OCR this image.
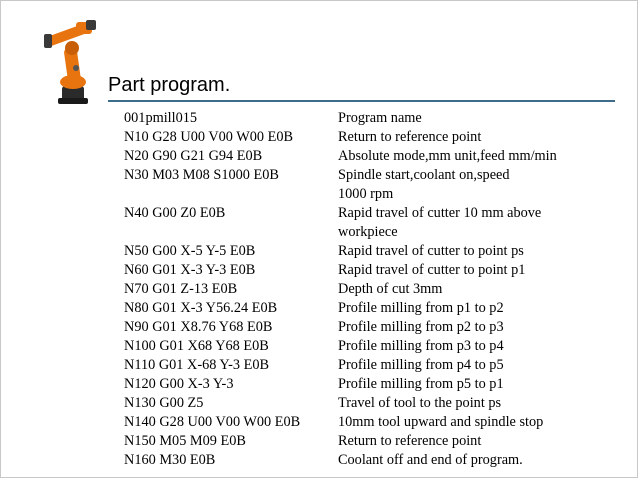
Part program.
001pmill015	Program name
N10 G28 U00 V00 W00 E0B	Return to reference point
N20 G90 G21 G94 E0B	Absolute mode,mm unit,feed mm/min
N30 M03 M08 S1000 E0B	Spindle start,coolant on,speed
1000 rpm
N40 G00 Z0 E0B	Rapid travel of cutter 10 mm above
workpiece
N50 G00 X-5 Y-5 E0B	Rapid travel of cutter to point ps
N60 G01 X-3 Y-3 E0B	Rapid travel of cutter to point p1
N70 G01 Z-13 E0B	Depth of cut 3mm
N80 G01 X-3 Y56.24 E0B	Profile milling from p1 to p2
N90 G01 X8.76 Y68 E0B	Profile milling from p2 to p3
N100 G01 X68 Y68 E0B	Profile milling from p3 to p4
N110 G01 X-68 Y-3 E0B	Profile milling from p4 to p5
N120 G00 X-3 Y-3	Profile milling from p5 to p1
N130 G00 Z5	Travel of tool to the point ps
N140 G28 U00 V00 W00 E0B	10mm tool upward and spindle stop
N150 M05 M09 E0B	Return to reference point
N160 M30 E0B	Coolant off and end of program.
